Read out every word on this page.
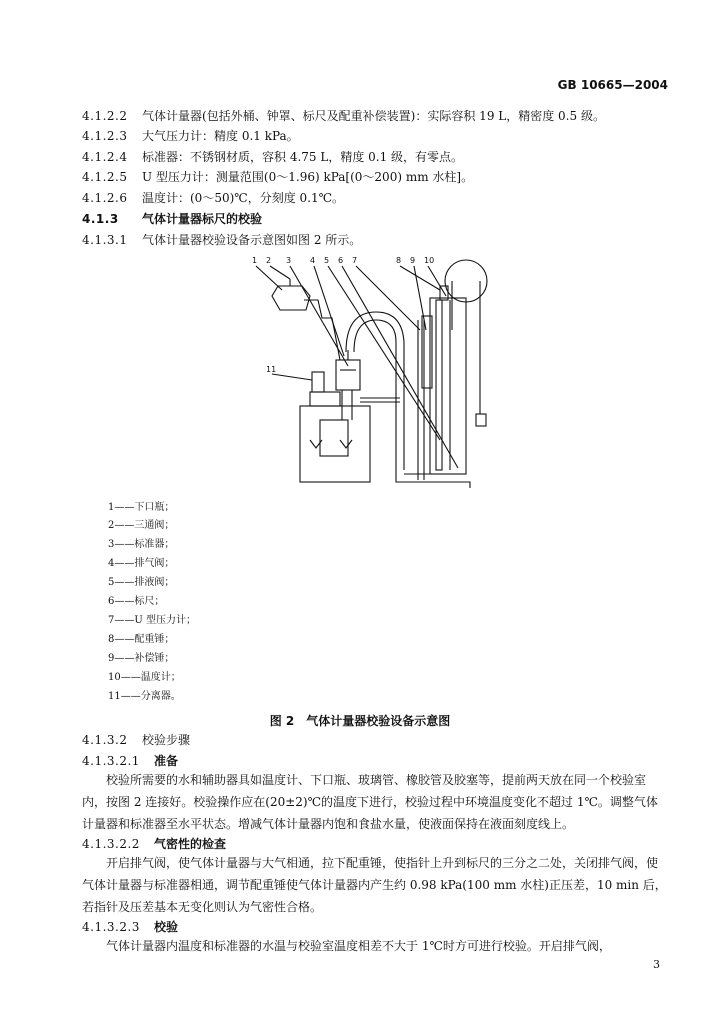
GB 10665—2004
4.1.2.2 气体计量器(包括外桶、钟罩、标尺及配重补偿装置)：实际容积 19 L，精密度 0.5 级。
4.1.2.3 大气压力计：精度 0.1 kPa。
4.1.2.4 标准器：不锈钢材质，容积 4.75 L，精度 0.1 级，有零点。
4.1.2.5 U 型压力计：测量范围(0～1.96) kPa[(0～200) mm 水柱]。
4.1.2.6 温度计：(0～50)℃，分刻度 0.1℃。
4.1.3 气体计量器标尺的校验
4.1.3.1 气体计量器校验设备示意图如图 2 所示。
1 2 3 4 5 6 7	8 9 10
11
1——下口瓶；
2——三通阀；
3——标准器；
4——排气阀；
5——排液阀；
6——标尺；
7——U 型压力计；
8——配重锤；
9——补偿锤；
10——温度计；
11——分离器。
图 2　气体计量器校验设备示意图
4.1.3.2 校验步骤
4.1.3.2.1 准备
校验所需要的水和辅助器具如温度计、下口瓶、玻璃管、橡胶管及胶塞等，提前两天放在同一个校验室内，按图 2 连接好。校验操作应在(20±2)℃的温度下进行，校验过程中环境温度变化不超过 1℃。调整气体计量器和标准器至水平状态。增减气体计量器内饱和食盐水量，使液面保持在液面刻度线上。
4.1.3.2.2 气密性的检查
开启排气阀，使气体计量器与大气相通，拉下配重锤，使指针上升到标尺的三分之二处，关闭排气阀，使气体计量器与标准器相通，调节配重锤使气体计量器内产生约 0.98 kPa(100 mm 水柱)正压差，10 min 后，若指针及压差基本无变化则认为气密性合格。
4.1.3.2.3 校验
气体计量器内温度和标准器的水温与校验室温度相差不大于 1℃时方可进行校验。开启排气阀，
3
